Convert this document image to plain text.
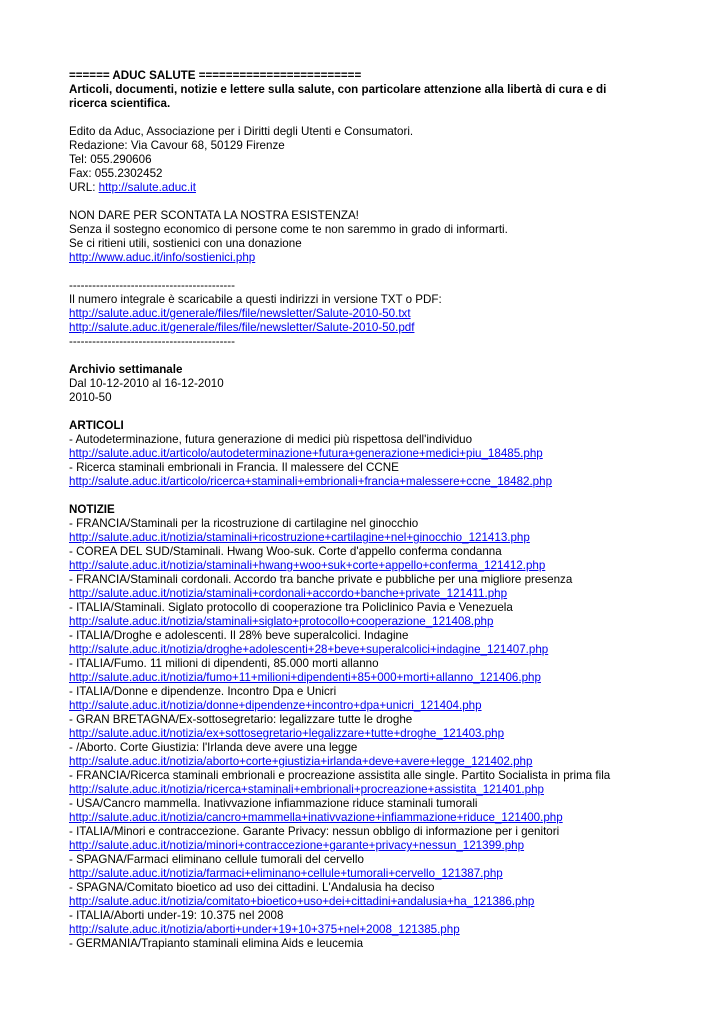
====== ADUC SALUTE ========================
Articoli, documenti, notizie e lettere sulla salute, con particolare attenzione alla libertà di cura e di
ricerca scientifica.
Edito da Aduc, Associazione per i Diritti degli Utenti e Consumatori.
Redazione: Via Cavour 68, 50129 Firenze
Tel: 055.290606
Fax: 055.2302452
URL: http://salute.aduc.it
NON DARE PER SCONTATA LA NOSTRA ESISTENZA!
Senza il sostegno economico di persone come te non saremmo in grado di informarti.
Se ci ritieni utili, sostienici con una donazione
http://www.aduc.it/info/sostienici.php
-------------------------------------------
Il numero integrale è scaricabile a questi indirizzi in versione TXT o PDF:
http://salute.aduc.it/generale/files/file/newsletter/Salute-2010-50.txt
http://salute.aduc.it/generale/files/file/newsletter/Salute-2010-50.pdf
-------------------------------------------
Archivio settimanale
Dal 10-12-2010 al 16-12-2010
2010-50
ARTICOLI
- Autodeterminazione, futura generazione di medici più rispettosa dell'individuo
http://salute.aduc.it/articolo/autodeterminazione+futura+generazione+medici+piu_18485.php
- Ricerca staminali embrionali in Francia. Il malessere del CCNE
http://salute.aduc.it/articolo/ricerca+staminali+embrionali+francia+malessere+ccne_18482.php
NOTIZIE
- FRANCIA/Staminali per la ricostruzione di cartilagine nel ginocchio
http://salute.aduc.it/notizia/staminali+ricostruzione+cartilagine+nel+ginocchio_121413.php
- COREA DEL SUD/Staminali. Hwang Woo-suk. Corte d'appello conferma condanna
http://salute.aduc.it/notizia/staminali+hwang+woo+suk+corte+appello+conferma_121412.php
- FRANCIA/Staminali cordonali. Accordo tra banche private e pubbliche per una migliore presenza
http://salute.aduc.it/notizia/staminali+cordonali+accordo+banche+private_121411.php
- ITALIA/Staminali. Siglato protocollo di cooperazione tra Policlinico Pavia e Venezuela
http://salute.aduc.it/notizia/staminali+siglato+protocollo+cooperazione_121408.php
- ITALIA/Droghe e adolescenti. Il 28% beve superalcolici. Indagine
http://salute.aduc.it/notizia/droghe+adolescenti+28+beve+superalcolici+indagine_121407.php
- ITALIA/Fumo. 11 milioni di dipendenti, 85.000 morti allanno
http://salute.aduc.it/notizia/fumo+11+milioni+dipendenti+85+000+morti+allanno_121406.php
- ITALIA/Donne e dipendenze. Incontro Dpa e Unicri
http://salute.aduc.it/notizia/donne+dipendenze+incontro+dpa+unicri_121404.php
- GRAN BRETAGNA/Ex-sottosegretario: legalizzare tutte le droghe
http://salute.aduc.it/notizia/ex+sottosegretario+legalizzare+tutte+droghe_121403.php
- /Aborto. Corte Giustizia: l'Irlanda deve avere una legge
http://salute.aduc.it/notizia/aborto+corte+giustizia+irlanda+deve+avere+legge_121402.php
- FRANCIA/Ricerca staminali embrionali e procreazione assistita alle single. Partito Socialista in prima fila
http://salute.aduc.it/notizia/ricerca+staminali+embrionali+procreazione+assistita_121401.php
- USA/Cancro mammella. Inativvazione infiammazione riduce staminali tumorali
http://salute.aduc.it/notizia/cancro+mammella+inativvazione+infiammazione+riduce_121400.php
- ITALIA/Minori e contraccezione. Garante Privacy: nessun obbligo di informazione per i genitori
http://salute.aduc.it/notizia/minori+contraccezione+garante+privacy+nessun_121399.php
- SPAGNA/Farmaci eliminano cellule tumorali del cervello
http://salute.aduc.it/notizia/farmaci+eliminano+cellule+tumorali+cervello_121387.php
- SPAGNA/Comitato bioetico ad uso dei cittadini. L'Andalusia ha deciso
http://salute.aduc.it/notizia/comitato+bioetico+uso+dei+cittadini+andalusia+ha_121386.php
- ITALIA/Aborti under-19: 10.375 nel 2008
http://salute.aduc.it/notizia/aborti+under+19+10+375+nel+2008_121385.php
- GERMANIA/Trapianto staminali elimina Aids e leucemia
